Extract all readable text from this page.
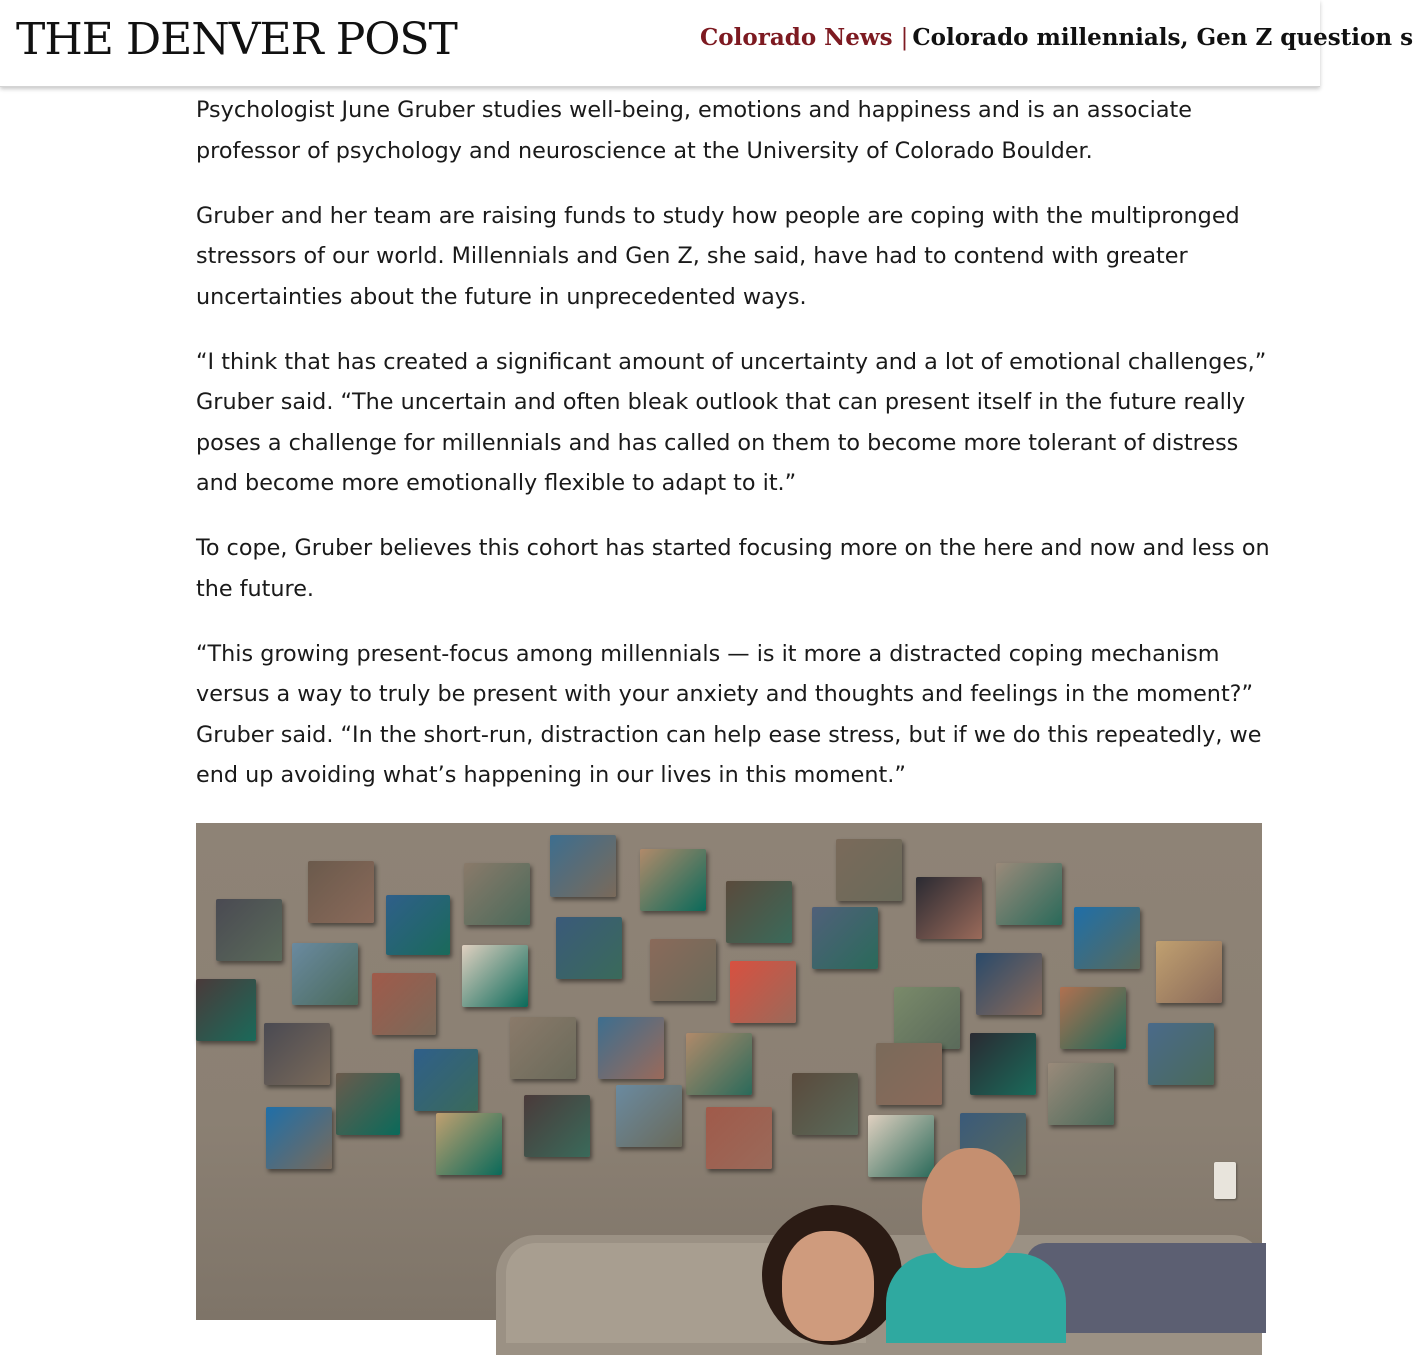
THE DENVER POST	Colorado News | Colorado millennials, Gen Z question s

Psychologist June Gruber studies well-being, emotions and happiness and is an associate professor of psychology and neuroscience at the University of Colorado Boulder.

Gruber and her team are raising funds to study how people are coping with the multipronged stressors of our world. Millennials and Gen Z, she said, have had to contend with greater uncertainties about the future in unprecedented ways.

“I think that has created a significant amount of uncertainty and a lot of emotional challenges,” Gruber said. “The uncertain and often bleak outlook that can present itself in the future really poses a challenge for millennials and has called on them to become more tolerant of distress and become more emotionally flexible to adapt to it.”

To cope, Gruber believes this cohort has started focusing more on the here and now and less on the future.

“This growing present-focus among millennials — is it more a distracted coping mechanism versus a way to truly be present with your anxiety and thoughts and feelings in the moment?” Gruber said. “In the short-run, distraction can help ease stress, but if we do this repeatedly, we end up avoiding what’s happening in our lives in this moment.”
